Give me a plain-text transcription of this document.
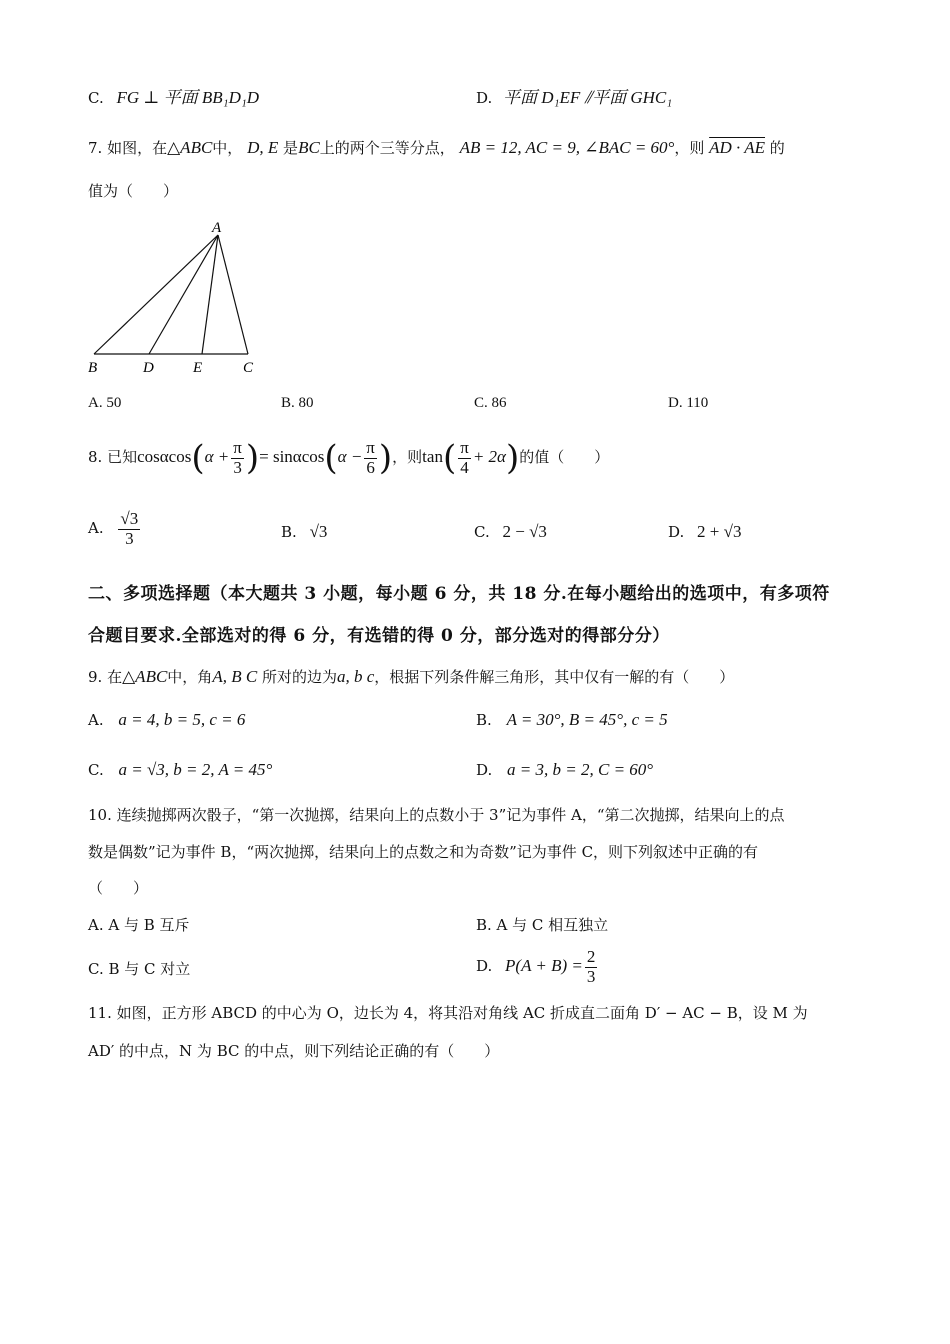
C. FG ⊥ 平面 BB₁D₁D	D. 平面 D₁EF ⫽平面 GHC₁
7. 如图，在△ABC中， D, E 是BC上的两个三等分点， AB = 12, AC = 9, ∠BAC = 60°，则 AD · AE 的
值为（　　）
A
B	D	E	C
A. 50	B. 80	C. 86	D. 110
8. 已知$\cos\alpha\cos(\alpha + \frac{\pi}{3}$ )= $\sin\alpha\cos(\alpha - \frac{\pi}{6}$ )，则$\tan( \frac{\pi}{4} + 2\alpha)$的值（　　）
A. $\frac{√3}{3}$	B. √3	C. 2 − √3	D. 2 + √3
二、多项选择题（本大题共 3 小题，每小题 6 分，共 18 分.在每小题给出的选项中，有多项符
合题目要求.全部选对的得 6 分，有选错的得 0 分，部分选对的得部分分）
9. 在△ABC中，角A, B C 所对的边为a, b c，根据下列条件解三角形，其中仅有一解的有（　　）
A. a = 4, b = 5, c = 6	B. A = 30°, B = 45°, c = 5
C. a = √3, b = 2, A = 45°	D. a = 3, b = 2, C = 60°
10. 连续抛掷两次骰子，“第一次抛掷，结果向上的点数小于 3”记为事件 A，“第二次抛掷，结果向上的点
数是偶数”记为事件 B，“两次抛掷，结果向上的点数之和为奇数”记为事件 C，则下列叙述中正确的有
（　　）
A. A 与 B 互斥	B. A 与 C 相互独立
C. B 与 C 对立	D. $P(A + B) = \frac{2}{3}$
11. 如图，正方形 ABCD 的中心为 O，边长为 4，将其沿对角线 AC 折成直二面角 D′ − AC − B，设 M 为
AD′ 的中点，N 为 BC 的中点，则下列结论正确的有（　　）
